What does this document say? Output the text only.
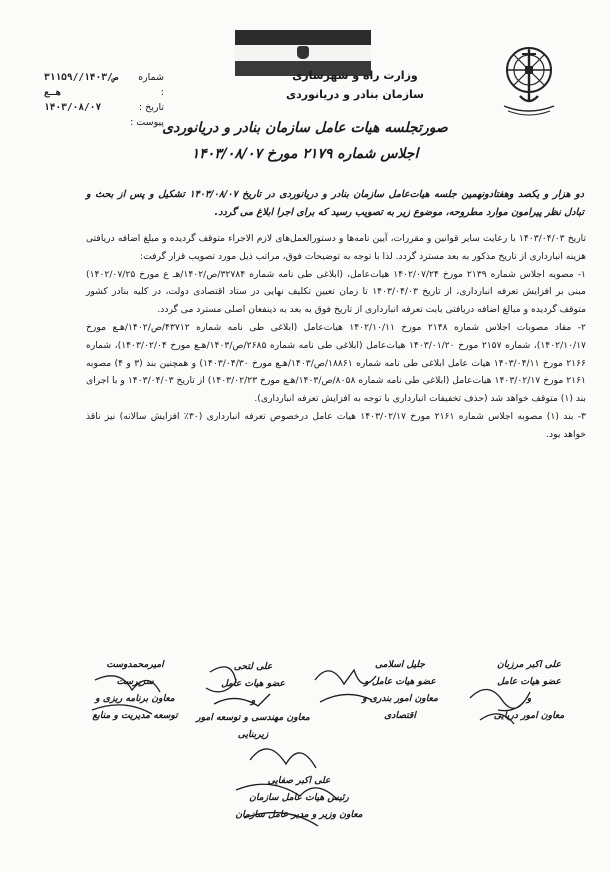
شماره :
۳۱۱۵۹/ص/۱۴۰۳/هـع
تاریخ :
۱۴۰۳/۰۸/۰۷
پیوست :
وزارت راه و شهرسازی
سازمان بنادر و دریانوردی
صورتجلسه هیات عامل سازمان بنادر و دریانوردی
اجلاس شماره ۲۱۷۹ مورخ ۱۴۰۳/۰۸/۰۷
دو هزار و یکصد وهفتادونهمین جلسه هیات‌عامل سازمان بنادر و دریانوردی در تاریخ ۱۴۰۳/۰۸/۰۷ تشکیل و پس از بحث و تبادل نظر پیرامون موارد مطروحه، موضوع زیر به تصویب رسید که برای اجرا ابلاغ می گردد.

تاریخ ۱۴۰۳/۰۴/۰۳ با رعایت سایر قوانین و مقررات، آیین نامه‌ها و دستورالعمل‌های لازم الاجراء متوقف گردیده و مبلغ اضافه دریافتی هزینه انبارداری از تاریخ مذکور به بعد مسترد گردد. لذا با توجه به توضیحات فوق، مراتب ذیل مورد تصویب قرار گرفت:

۱- مصوبه اجلاس شماره ۲۱۳۹ مورخ ۱۴۰۲/۰۷/۲۴ هیات‌عامل، (ابلاغی طی نامه شماره ۳۲۷۸۴/ص/۱۴۰۲/هـ ع مورخ ۱۴۰۲/۰۷/۲۵) مبنی بر افزایش تعرفه انبارداری، از تاریخ ۱۴۰۳/۰۴/۰۳ تا زمان تعیین تکلیف نهایی در ستاد اقتصادی دولت، در کلیه بنادر کشور متوقف گردیده و مبالغ اضافه دریافتی بابت تعرفه انبارداری از تاریخ فوق به بعد به ذینفعان اصلی مسترد می گردد.

۲- مفاد مصوبات اجلاس شماره ۲۱۴۸ مورخ ۱۴۰۲/۱۰/۱۱ هیات‌عامل (ابلاغی طی نامه شماره ۴۳۷۱۲/ص/۱۴۰۲/هـع مورخ ۱۴۰۲/۱۰/۱۷)، شماره ۲۱۵۷ مورخ ۱۴۰۳/۰۱/۲۰ هیات‌عامل (ابلاغی طی نامه شماره ۲۶۸۵/ص/۱۴۰۳/هـع مورخ ۱۴۰۳/۰۲/۰۴)، شماره ۲۱۶۶ مورخ ۱۴۰۳/۰۴/۱۱ هیات عامل ابلاغی طی نامه شماره ۱۸۸۶۱/ص/۱۴۰۳/هـع مورخ ۱۴۰۳/۰۴/۳۰) و همچنین بند (۳ و ۴) مصوبه ۲۱۶۱ مورخ ۱۴۰۳/۰۲/۱۷ هیات‌عامل (ابلاغی طی نامه شماره ۸۰۵۸/ص/۱۴۰۳/هـع مورخ ۱۴۰۳/۰۲/۲۳) از تاریخ ۱۴۰۳/۰۴/۰۳ و با اجرای بند (۱) متوقف خواهد شد (حذف تخفیفات انبارداری با توجه به افزایش تعرفه انبارداری).

۳- بند (۱) مصوبه اجلاس شماره ۲۱۶۱ مورخ ۱۴۰۳/۰۲/۱۷ هیات عامل درخصوص تعرفه انبارداری (۳۰٪ افزایش سالانه) نیز ناقذ خواهد بود.

علی اکبر مرزبان
عضو هیات عامل
و
معاون امور دریایی
جلیل اسلامی
عضو هیات عامل و
معاون امور بندری و
اقتصادی
علی لتحی
عضو هیات عامل
و
معاون مهندسی و توسعه امور
زیربنایی
امیرمحمدوست
سرپرست
معاون برنامه ریزی و
توسعه مدیریت و منابع
علی اکبر صفایی
رئیس هیات عامل سازمان
معاون وزیر و مدیر عامل سازمان
